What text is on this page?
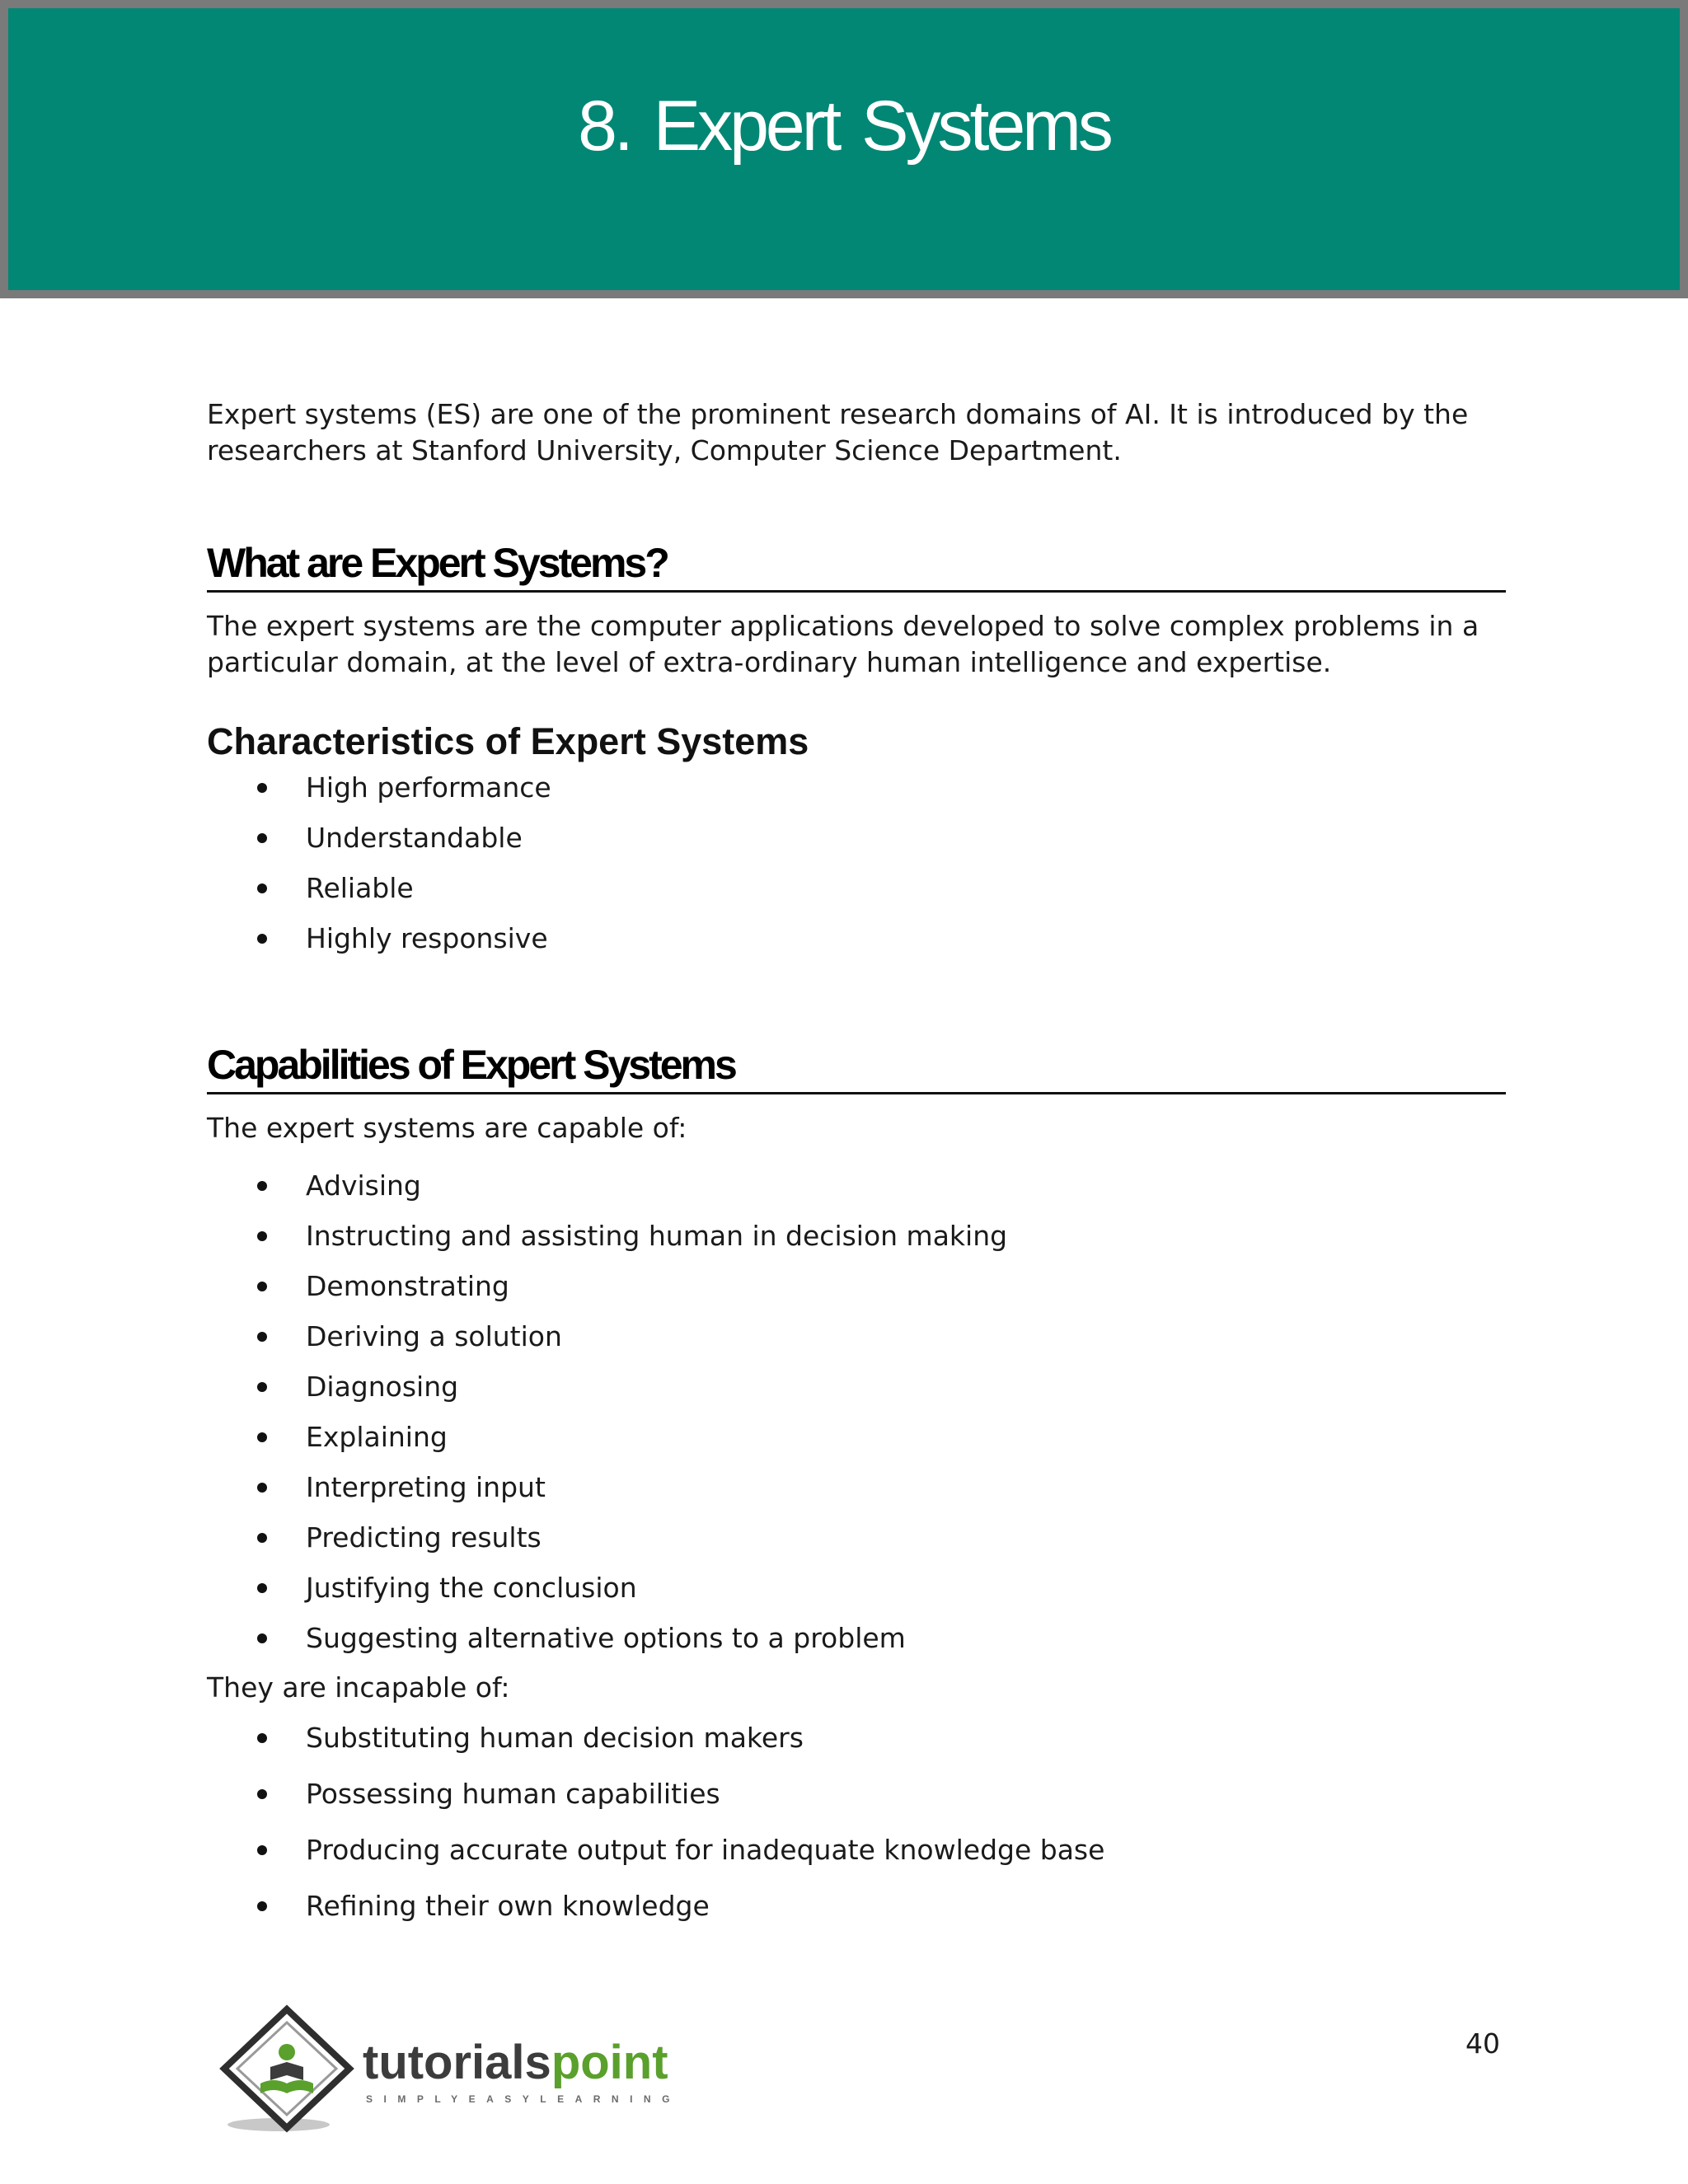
8. Expert Systems

Expert systems (ES) are one of the prominent research domains of AI. It is introduced by the researchers at Stanford University, Computer Science Department.

What are Expert Systems?

The expert systems are the computer applications developed to solve complex problems in a particular domain, at the level of extra-ordinary human intelligence and expertise.

Characteristics of Expert Systems
High performance
Understandable
Reliable
Highly responsive
Capabilities of Expert Systems

The expert systems are capable of:

Advising
Instructing and assisting human in decision making
Demonstrating
Deriving a solution
Diagnosing
Explaining
Interpreting input
Predicting results
Justifying the conclusion
Suggesting alternative options to a problem

They are incapable of:

Substituting human decision makers
Possessing human capabilities
Producing accurate output for inadequate knowledge base
Refining their own knowledge
40
tutorialspoint
SIMPLYEASYLEARNING
